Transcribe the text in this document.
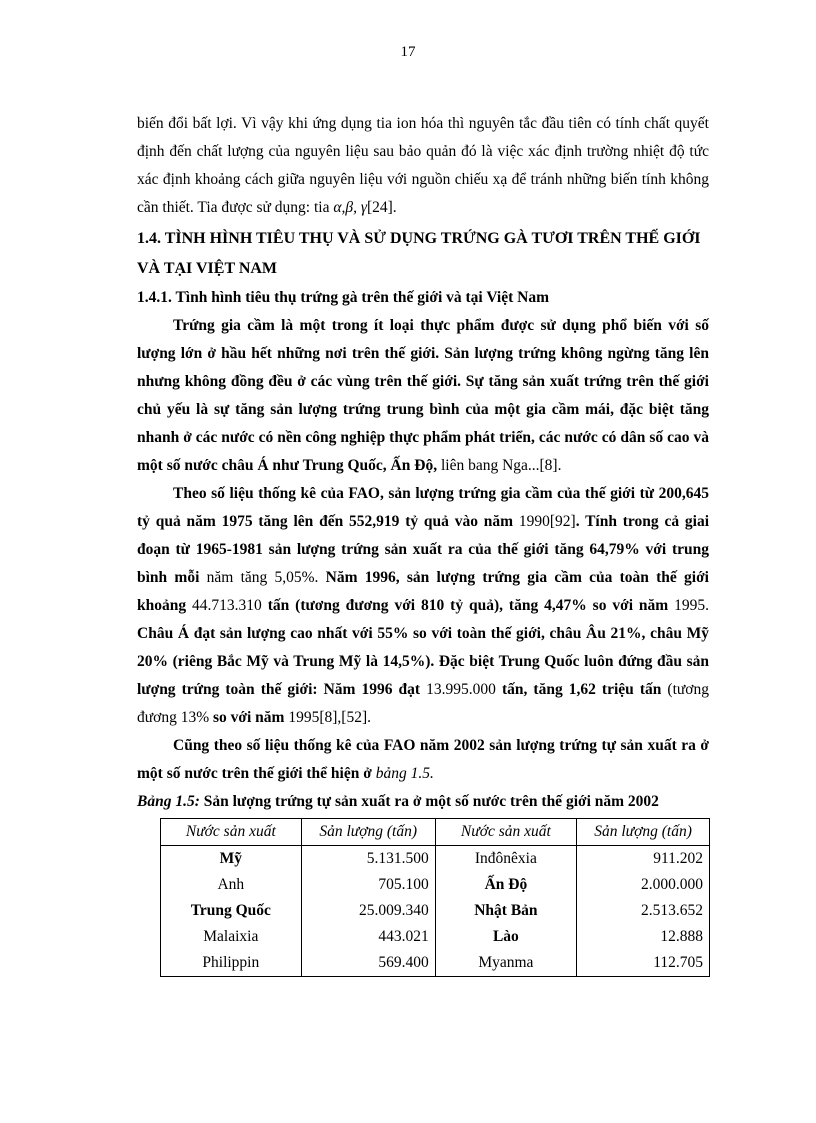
17

biến đổi bất lợi. Vì vậy khi ứng dụng tia ion hóa thì nguyên tắc đầu tiên có tính chất quyết định đến chất lượng của nguyên liệu sau bảo quản đó là việc xác định trường nhiệt độ tức xác định khoảng cách giữa nguyên liệu với nguồn chiếu xạ để tránh những biến tính không cần thiết. Tia được sử dụng: tia α,β, γ[24].

1.4. TÌNH HÌNH TIÊU THỤ VÀ SỬ DỤNG TRỨNG GÀ TƯƠI TRÊN THẾ GIỚI VÀ TẠI VIỆT NAM
1.4.1. Tình hình tiêu thụ trứng gà trên thế giới và tại Việt Nam

Trứng gia cầm là một trong ít loại thực phẩm được sử dụng phổ biến với số lượng lớn ở hầu hết những nơi trên thế giới. Sản lượng trứng không ngừng tăng lên nhưng không đồng đều ở các vùng trên thế giới. Sự tăng sản xuất trứng trên thế giới chủ yếu là sự tăng sản lượng trứng trung bình của một gia cầm mái, đặc biệt tăng nhanh ở các nước có nền công nghiệp thực phẩm phát triển, các nước có dân số cao và một số nước châu Á như Trung Quốc, Ấn Độ, liên bang Nga...[8].

Theo số liệu thống kê của FAO, sản lượng trứng gia cầm của thế giới từ 200,645 tỷ quả năm 1975 tăng lên đến 552,919 tỷ quả vào năm 1990[92]. Tính trong cả giai đoạn từ 1965-1981 sản lượng trứng sản xuất ra của thế giới tăng 64,79% với trung bình mỗi năm tăng 5,05%. Năm 1996, sản lượng trứng gia cầm của toàn thế giới khoảng 44.713.310 tấn (tương đương với 810 tỷ quả), tăng 4,47% so với năm 1995. Châu Á đạt sản lượng cao nhất với 55% so với toàn thế giới, châu Âu 21%, châu Mỹ 20% (riêng Bắc Mỹ và Trung Mỹ là 14,5%). Đặc biệt Trung Quốc luôn đứng đầu sản lượng trứng toàn thế giới: Năm 1996 đạt 13.995.000 tấn, tăng 1,62 triệu tấn (tương đương 13% so với năm 1995[8],[52].

Cũng theo số liệu thống kê của FAO năm 2002 sản lượng trứng tự sản xuất ra ở một số nước trên thế giới thể hiện ở bảng 1.5.

Bảng 1.5: Sản lượng trứng tự sản xuất ra ở một số nước trên thế giới năm 2002
Nước sản xuất	Sản lượng (tấn)	Nước sản xuất	Sản lượng (tấn)
Mỹ	5.131.500	Inđônêxia	911.202
Anh	705.100	Ấn Độ	2.000.000
Trung Quốc	25.009.340	Nhật Bản	2.513.652
Malaixia	443.021	Lào	12.888
Philippin	569.400	Myanma	112.705
